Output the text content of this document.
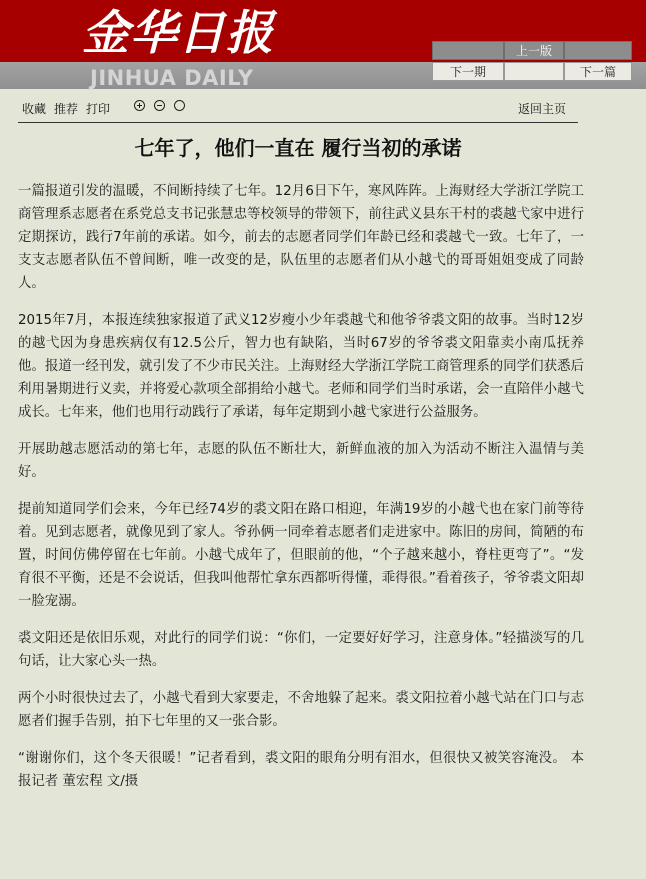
金华日报
JINHUA DAILY
上一版
下一期	下一篇
收藏 推荐 打印	返回主页
七年了，他们一直在 履行当初的承诺

一篇报道引发的温暖，不间断持续了七年。12月6日下午，寒风阵阵。上海财经大学浙江学院工商管理系志愿者在系党总支书记张慧忠等校领导的带领下，前往武义县东干村的裘越弋家中进行定期探访，践行7年前的承诺。如今，前去的志愿者同学们年龄已经和裘越弋一致。七年了，一支支志愿者队伍不曾间断，唯一改变的是，队伍里的志愿者们从小越弋的哥哥姐姐变成了同龄人。

2015年7月，本报连续独家报道了武义12岁瘦小少年裘越弋和他爷爷裘文阳的故事。当时12岁的越弋因为身患疾病仅有12.5公斤，智力也有缺陷，当时67岁的爷爷裘文阳靠卖小南瓜抚养他。报道一经刊发，就引发了不少市民关注。上海财经大学浙江学院工商管理系的同学们获悉后利用暑期进行义卖，并将爱心款项全部捐给小越弋。老师和同学们当时承诺，会一直陪伴小越弋成长。七年来，他们也用行动践行了承诺，每年定期到小越弋家进行公益服务。

开展助越志愿活动的第七年，志愿的队伍不断壮大，新鲜血液的加入为活动不断注入温情与美好。

提前知道同学们会来，今年已经74岁的裘文阳在路口相迎，年满19岁的小越弋也在家门前等待着。见到志愿者，就像见到了家人。爷孙俩一同牵着志愿者们走进家中。陈旧的房间，简陋的布置，时间仿佛停留在七年前。小越弋成年了，但眼前的他，“个子越来越小，脊柱更弯了”。“发育很不平衡，还是不会说话，但我叫他帮忙拿东西都听得懂，乖得很。”看着孩子，爷爷裘文阳却一脸宠溺。

裘文阳还是依旧乐观，对此行的同学们说：“你们，一定要好好学习，注意身体。”轻描淡写的几句话，让大家心头一热。

两个小时很快过去了，小越弋看到大家要走，不舍地躲了起来。裘文阳拉着小越弋站在门口与志愿者们握手告别，拍下七年里的又一张合影。

“谢谢你们，这个冬天很暖！”记者看到，裘文阳的眼角分明有泪水，但很快又被笑容淹没。 本报记者 董宏程 文/摄
